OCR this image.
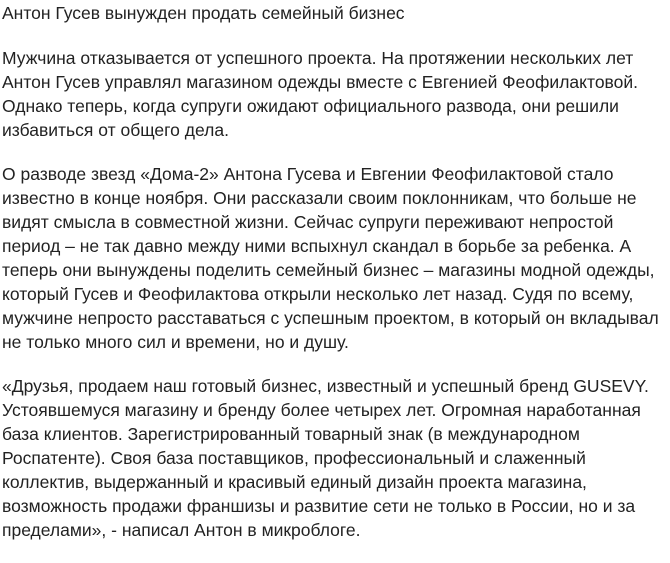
Антон Гусев вынужден продать семейный бизнес

Мужчина отказывается от успешного проекта. На протяжении нескольких лет Антон Гусев управлял магазином одежды вместе с Евгенией Феофилактовой. Однако теперь, когда супруги ожидают официального развода, они решили избавиться от общего дела.

О разводе звезд «Дома-2» Антона Гусева и Евгении Феофилактовой стало известно в конце ноября. Они рассказали своим поклонникам, что больше не видят смысла в совместной жизни. Сейчас супруги переживают непростой период – не так давно между ними вспыхнул скандал в борьбе за ребенка. А теперь они вынуждены поделить семейный бизнес – магазины модной одежды, который Гусев и Феофилактова открыли несколько лет назад. Судя по всему, мужчине непросто расставаться с успешным проектом, в который он вкладывал не только много сил и времени, но и душу.

«Друзья, продаем наш готовый бизнес, известный и успешный бренд GUSEVY. Устоявшемуся магазину и бренду более четырех лет. Огромная наработанная база клиентов. Зарегистрированный товарный знак (в международном Роспатенте). Своя база поставщиков, профессиональный и слаженный коллектив, выдержанный и красивый единый дизайн проекта магазина, возможность продажи франшизы и развитие сети не только в России, но и за пределами», - написал Антон в микроблоге.
